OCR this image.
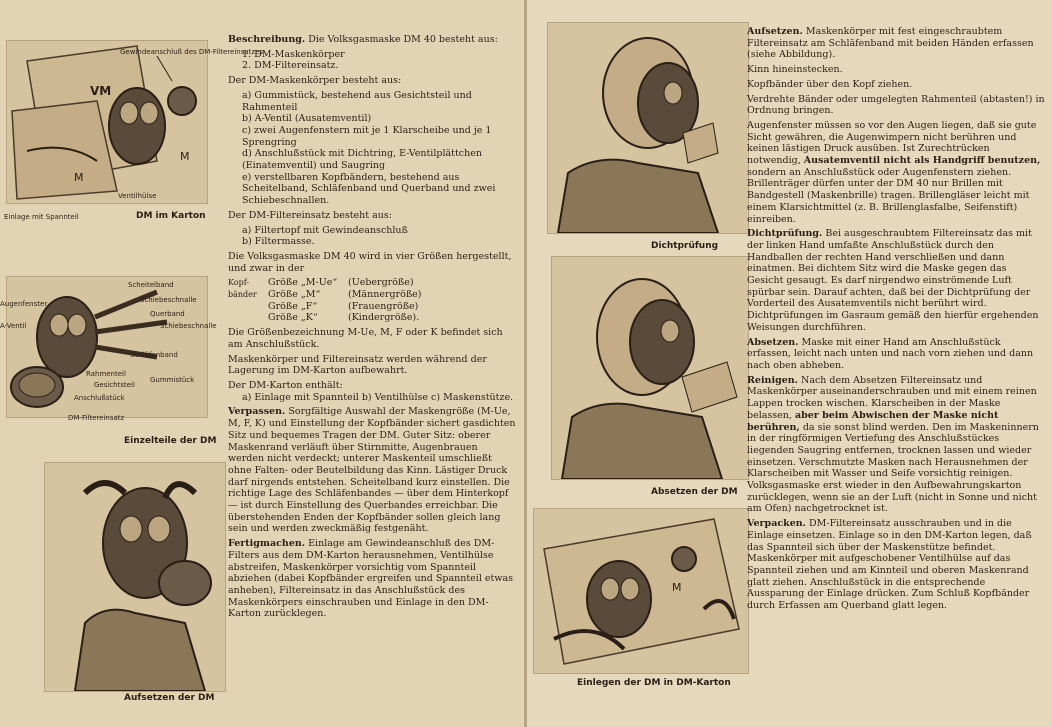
Gewindeanschluß des DM-Filtereinsatzes
Einlage mit Spannteil
Ventilhülse
VM
M
M
DM im Karton
Augenfenster
A-Ventil
Scheitelband
Schiebeschnalle
Querband
Schiebeschnalle
Schläfenband
Rahmenteil
Gesichtsteil
Gummistück
Anschlußstück
DM-Filtereinsatz
Einzelteile der DM
Aufsetzen der DM

Beschreibung. Die Volksgasmaske DM 40 besteht aus:

1. DM-Maskenkörper

2. DM-Filtereinsatz.

Der DM-Maskenkörper besteht aus:

a) Gummistück, bestehend aus Gesichtsteil und Rahmenteil

b) A-Ventil (Ausatemventil)

c) zwei Augenfenstern mit je 1 Klarscheibe und je 1 Sprengring

d) Anschlußstück mit Dichtring, E-Ventilplättchen (Einatemventil) und Saugring

e) verstellbaren Kopfbändern, bestehend aus Scheitelband, Schläfenband und Querband und zwei Schiebeschnallen.

Der DM-Filtereinsatz besteht aus:

a) Filtertopf mit Gewindeanschluß

b) Filtermasse.

Die Volksgasmaske DM 40 wird in vier Größen hergestellt, und zwar in der

Kopf-bänder
Größe „M-Ue“	(Uebergröße)
Größe „M“	(Männergröße)
Größe „F“	(Frauengröße)
Größe „K“	(Kindergröße).

Die Größenbezeichnung M-Ue, M, F oder K befindet sich am Anschlußstück.

Maskenkörper und Filtereinsatz werden während der Lagerung im DM-Karton aufbewahrt.

Der DM-Karton enthält:

a) Einlage mit Spannteil b) Ventilhülse c) Maskenstütze.

Verpassen. Sorgfältige Auswahl der Maskengröße (M-Ue, M, F, K) und Einstellung der Kopfbänder sichert gasdichten Sitz und bequemes Tragen der DM. Guter Sitz: oberer Maskenrand verläuft über Stirnmitte, Augenbrauen werden nicht verdeckt; unterer Maskenteil umschließt ohne Falten- oder Beutelbildung das Kinn. Lästiger Druck darf nirgends entstehen. Scheitelband kurz einstellen. Die richtige Lage des Schläfenbandes — über dem Hinterkopf — ist durch Einstellung des Querbandes erreichbar. Die überstehenden Enden der Kopfbänder sollen gleich lang sein und werden zweckmäßig festgenäht.

Fertigmachen. Einlage am Gewindeanschluß des DM-Filters aus dem DM-Karton herausnehmen, Ventilhülse abstreifen, Maskenkörper vorsichtig vom Spannteil abziehen (dabei Kopfbänder ergreifen und Spannteil etwas anheben), Filtereinsatz in das Anschlußstück des Maskenkörpers einschrauben und Einlage in den DM-Karton zurücklegen.

Dichtprüfung
Absetzen der DM
M
Einlegen der DM in DM-Karton

Aufsetzen. Maskenkörper mit fest eingeschraubtem Filtereinsatz am Schläfenband mit beiden Händen erfassen (siehe Abbildung).

Kinn hineinstecken.

Kopfbänder über den Kopf ziehen.

Verdrehte Bänder oder umgelegten Rahmenteil (abtasten!) in Ordnung bringen.

Augenfenster müssen so vor den Augen liegen, daß sie gute Sicht gewähren, die Augenwimpern nicht berühren und keinen lästigen Druck ausüben. Ist Zurechtrücken notwendig, Ausatemventil nicht als Handgriff benutzen, sondern an Anschlußstück oder Augenfenstern ziehen. Brillenträger dürfen unter der DM 40 nur Brillen mit Bandgestell (Maskenbrille) tragen. Brillengläser leicht mit einem Klarsichtmittel (z. B. Brillenglasfalbe, Seifenstift) einreiben.

Dichtprüfung. Bei ausgeschraubtem Filtereinsatz das mit der linken Hand umfaßte Anschlußstück durch den Handballen der rechten Hand verschließen und dann einatmen. Bei dichtem Sitz wird die Maske gegen das Gesicht gesaugt. Es darf nirgendwo einströmende Luft spürbar sein. Darauf achten, daß bei der Dichtprüfung der Vorderteil des Ausatemventils nicht berührt wird. Dichtprüfungen im Gasraum gemäß den hierfür ergehenden Weisungen durchführen.

Absetzen. Maske mit einer Hand am Anschlußstück erfassen, leicht nach unten und nach vorn ziehen und dann nach oben abheben.

Reinigen. Nach dem Absetzen Filtereinsatz und Maskenkörper auseinanderschrauben und mit einem reinen Lappen trocken wischen. Klarscheiben in der Maske belassen, aber beim Abwischen der Maske nicht berühren, da sie sonst blind werden. Den im Maskeninnern in der ringförmigen Vertiefung des Anschlußstückes liegenden Saugring entfernen, trocknen lassen und wieder einsetzen. Verschmutzte Masken nach Herausnehmen der Klarscheiben mit Wasser und Seife vorsichtig reinigen. Volksgasmaske erst wieder in den Aufbewahrungskarton zurücklegen, wenn sie an der Luft (nicht in Sonne und nicht am Ofen) nachgetrocknet ist.

Verpacken. DM-Filtereinsatz ausschrauben und in die Einlage einsetzen. Einlage so in den DM-Karton legen, daß das Spannteil sich über der Maskenstütze befindet. Maskenkörper mit aufgeschobener Ventilhülse auf das Spannteil ziehen und am Kinnteil und oberen Maskenrand glatt ziehen. Anschlußstück in die entsprechende Aussparung der Einlage drücken. Zum Schluß Kopfbänder durch Erfassen am Querband glatt legen.
